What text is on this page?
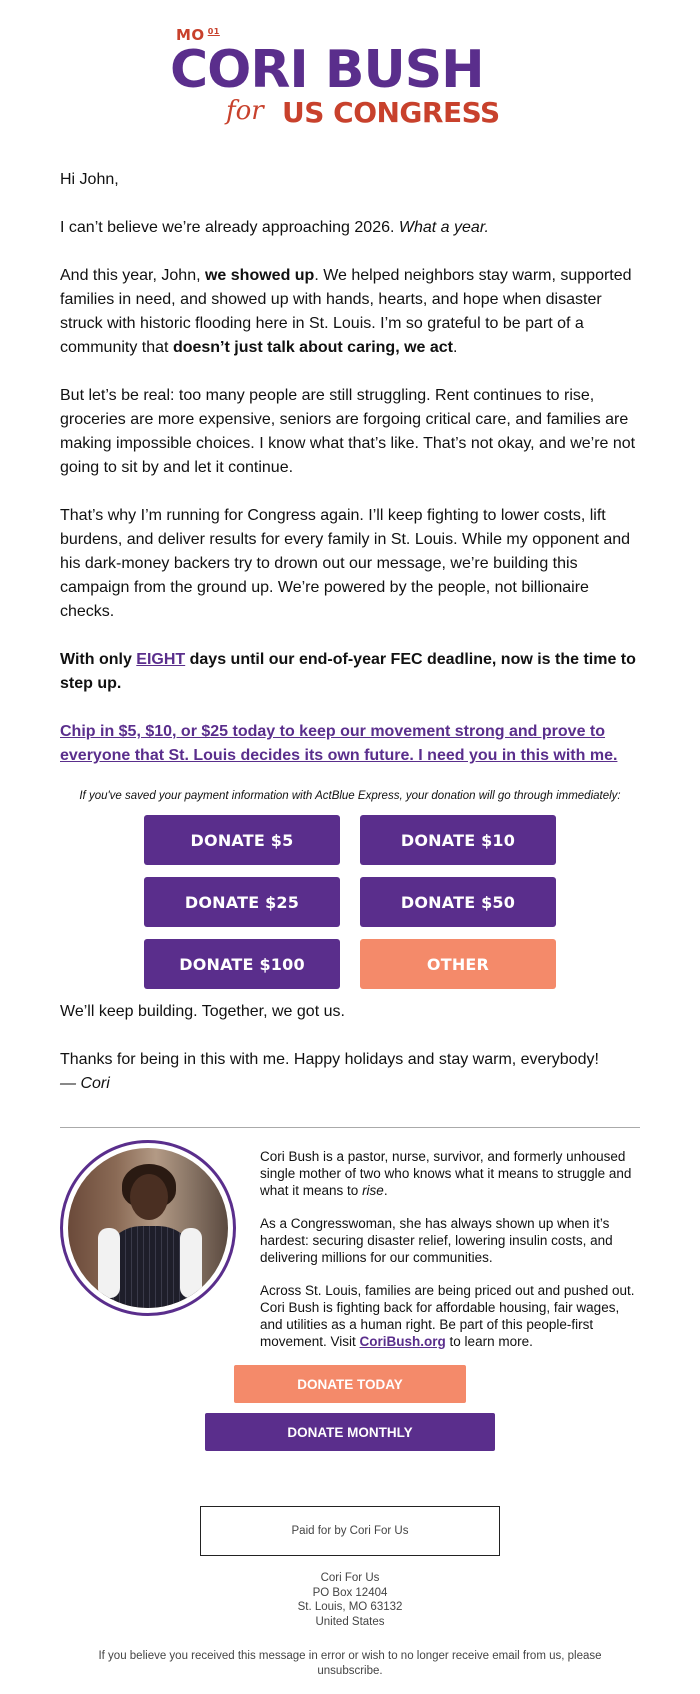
MO $^{01}$
CORI BUSH
for US CONGRESS

Hi John,

I can’t believe we’re already approaching 2026. What a year.

And this year, John, we showed up. We helped neighbors stay warm, supported families in need, and showed up with hands, hearts, and hope when disaster struck with historic flooding here in St. Louis. I’m so grateful to be part of a community that doesn’t just talk about caring, we act.

But let’s be real: too many people are still struggling. Rent continues to rise, groceries are more expensive, seniors are forgoing critical care, and families are making impossible choices. I know what that’s like. That’s not okay, and we’re not going to sit by and let it continue.

That’s why I’m running for Congress again. I’ll keep fighting to lower costs, lift burdens, and deliver results for every family in St. Louis. While my opponent and his dark-money backers try to drown out our message, we’re building this campaign from the ground up. We’re powered by the people, not billionaire checks.

With only EIGHT days until our end-of-year FEC deadline, now is the time to step up.

Chip in $5, $10, or $25 today to keep our movement strong and prove to everyone that St. Louis decides its own future. I need you in this with me.

If you've saved your payment information with ActBlue Express, your donation will go through immediately:
DONATE $5	DONATE $10
DONATE $25	DONATE $50
DONATE $100	OTHER

We’ll keep building. Together, we got us.

Thanks for being in this with me. Happy holidays and stay warm, everybody!

— Cori

Cori Bush is a pastor, nurse, survivor, and formerly unhoused single mother of two who knows what it means to struggle and what it means to rise.

As a Congresswoman, she has always shown up when it’s hardest: securing disaster relief, lowering insulin costs, and delivering millions for our communities.

Across St. Louis, families are being priced out and pushed out. Cori Bush is fighting back for affordable housing, fair wages, and utilities as a human right. Be part of this people-first movement. Visit CoriBush.org to learn more.

DONATE TODAY
DONATE MONTHLY
Paid for by Cori For Us
Cori For Us
PO Box 12404
St. Louis, MO 63132
United States
If you believe you received this message in error or wish to no longer receive email from us, please unsubscribe.
